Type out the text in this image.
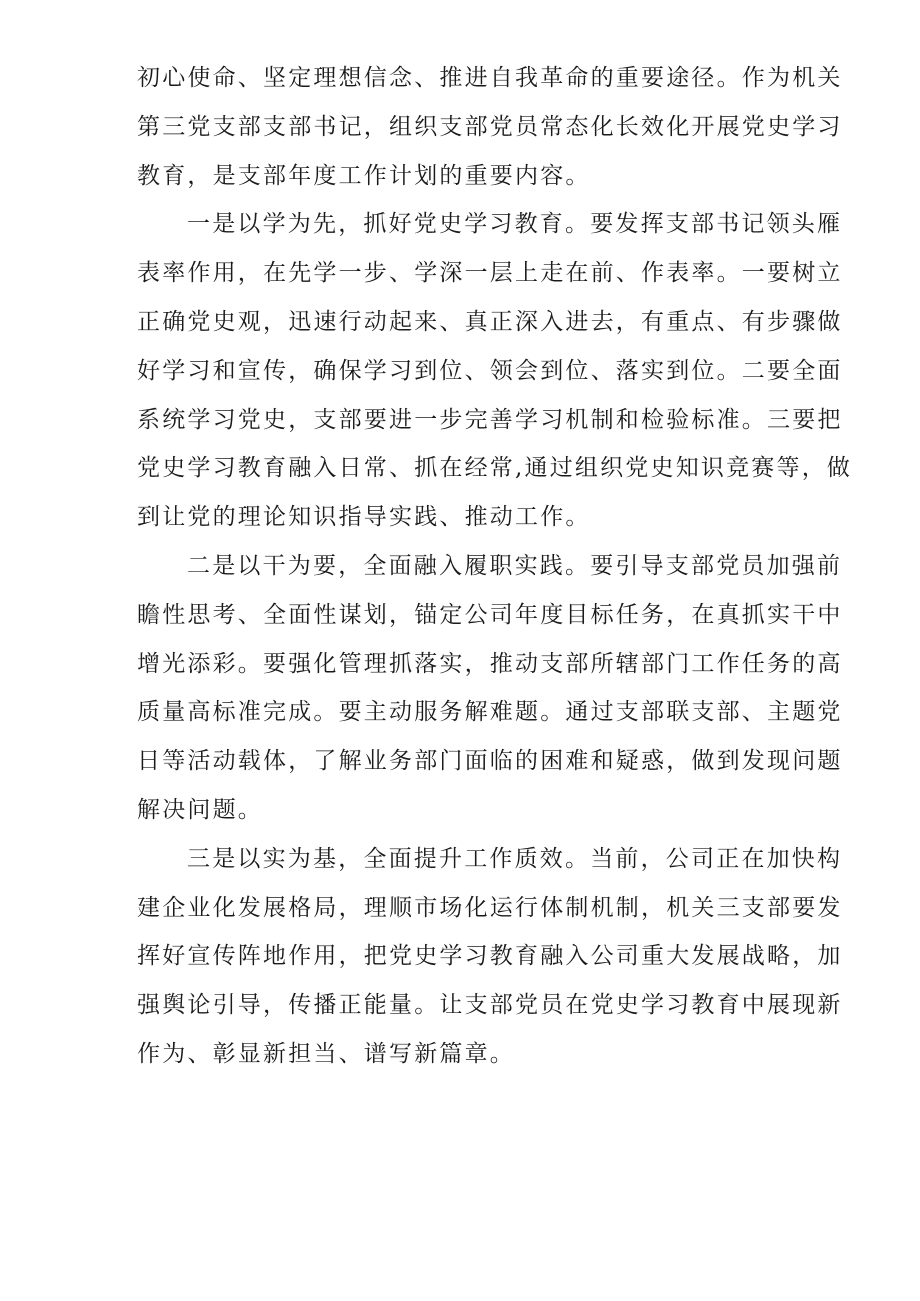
初心使命、坚定理想信念、推进自我革命的重要途径。作为机关
第三党支部支部书记，组织支部党员常态化长效化开展党史学习
教育，是支部年度工作计划的重要内容。

一是以学为先，抓好党史学习教育。要发挥支部书记领头雁
表率作用，在先学一步、学深一层上走在前、作表率。一要树立
正确党史观，迅速行动起来、真正深入进去，有重点、有步骤做
好学习和宣传，确保学习到位、领会到位、落实到位。二要全面
系统学习党史，支部要进一步完善学习机制和检验标准。三要把
党史学习教育融入日常、抓在经常,通过组织党史知识竞赛等，做
到让党的理论知识指导实践、推动工作。

二是以干为要，全面融入履职实践。要引导支部党员加强前
瞻性思考、全面性谋划，锚定公司年度目标任务，在真抓实干中
增光添彩。要强化管理抓落实，推动支部所辖部门工作任务的高
质量高标准完成。要主动服务解难题。通过支部联支部、主题党
日等活动载体，了解业务部门面临的困难和疑惑，做到发现问题
解决问题。

三是以实为基，全面提升工作质效。当前，公司正在加快构
建企业化发展格局，理顺市场化运行体制机制，机关三支部要发
挥好宣传阵地作用，把党史学习教育融入公司重大发展战略，加
强舆论引导，传播正能量。让支部党员在党史学习教育中展现新
作为、彰显新担当、谱写新篇章。
